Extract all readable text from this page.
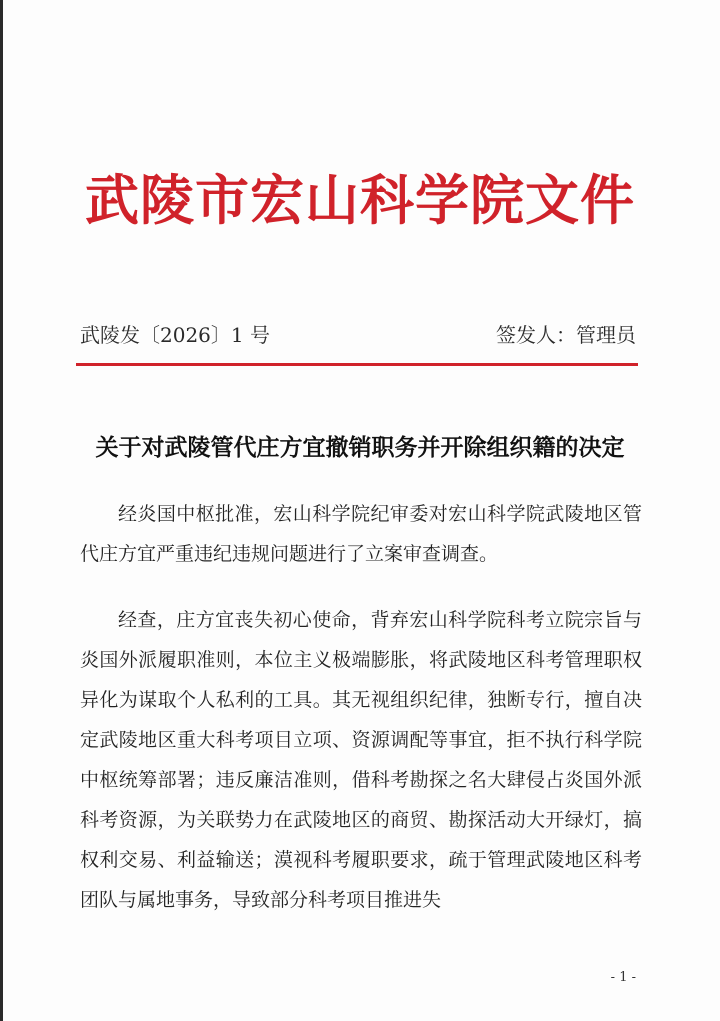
武陵市宏山科学院文件
武陵发〔2026〕1 号	签发人：管理员
关于对武陵管代庄方宜撤销职务并开除组织籍的决定

经炎国中枢批准，宏山科学院纪审委对宏山科学院武陵地区管代庄方宜严重违纪违规问题进行了立案审查调查。

经查，庄方宜丧失初心使命，背弃宏山科学院科考立院宗旨与炎国外派履职准则，本位主义极端膨胀，将武陵地区科考管理职权异化为谋取个人私利的工具。其无视组织纪律，独断专行，擅自决定武陵地区重大科考项目立项、资源调配等事宜，拒不执行科学院中枢统筹部署；违反廉洁准则，借科考勘探之名大肆侵占炎国外派科考资源，为关联势力在武陵地区的商贸、勘探活动大开绿灯，搞权利交易、利益输送；漠视科考履职要求，疏于管理武陵地区科考团队与属地事务，导致部分科考项目推进失

- 1 -
